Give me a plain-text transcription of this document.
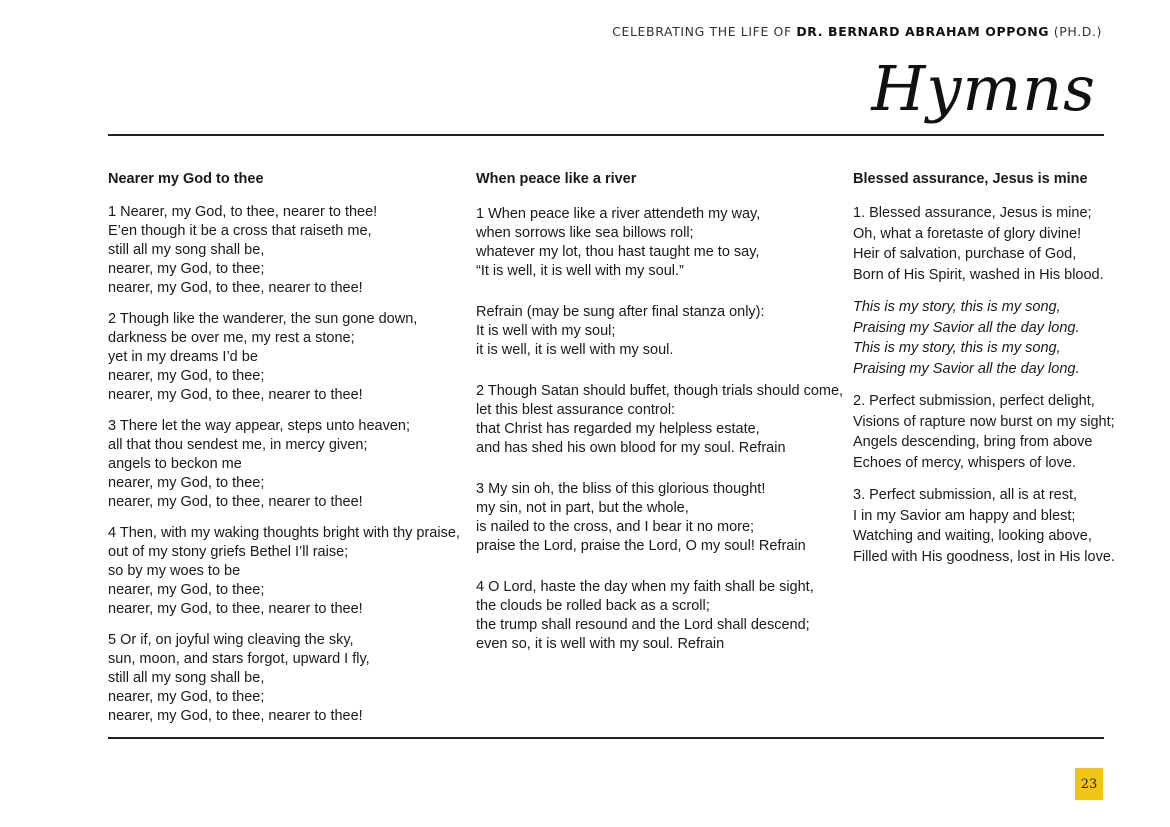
CELEBRATING THE LIFE OF DR. BERNARD ABRAHAM OPPONG (PH.D.)
Hymns
Nearer my God to thee
1 Nearer, my God, to thee, nearer to thee!
E’en though it be a cross that raiseth me,
still all my song shall be,
nearer, my God, to thee;
nearer, my God, to thee, nearer to thee!
2 Though like the wanderer, the sun gone down,
darkness be over me, my rest a stone;
yet in my dreams I’d be
nearer, my God, to thee;
nearer, my God, to thee, nearer to thee!
3 There let the way appear, steps unto heaven;
all that thou sendest me, in mercy given;
angels to beckon me
nearer, my God, to thee;
nearer, my God, to thee, nearer to thee!
4 Then, with my waking thoughts bright with thy praise,
out of my stony griefs Bethel I’ll raise;
so by my woes to be
nearer, my God, to thee;
nearer, my God, to thee, nearer to thee!
5 Or if, on joyful wing cleaving the sky,
sun, moon, and stars forgot, upward I fly,
still all my song shall be,
nearer, my God, to thee;
nearer, my God, to thee, nearer to thee!
When peace like a river
1 When peace like a river attendeth my way,
when sorrows like sea billows roll;
whatever my lot, thou hast taught me to say,
“It is well, it is well with my soul.”
Refrain (may be sung after final stanza only):
It is well with my soul;
it is well, it is well with my soul.
2 Though Satan should buffet, though trials should come,
let this blest assurance control:
that Christ has regarded my helpless estate,
and has shed his own blood for my soul. Refrain
3 My sin oh, the bliss of this glorious thought!
my sin, not in part, but the whole,
is nailed to the cross, and I bear it no more;
praise the Lord, praise the Lord, O my soul! Refrain
4 O Lord, haste the day when my faith shall be sight,
the clouds be rolled back as a scroll;
the trump shall resound and the Lord shall descend;
even so, it is well with my soul. Refrain
Blessed assurance, Jesus is mine
1. Blessed assurance, Jesus is mine;
Oh, what a foretaste of glory divine!
Heir of salvation, purchase of God,
Born of His Spirit, washed in His blood.
This is my story, this is my song,
Praising my Savior all the day long.
This is my story, this is my song,
Praising my Savior all the day long.
2. Perfect submission, perfect delight,
Visions of rapture now burst on my sight;
Angels descending, bring from above
Echoes of mercy, whispers of love.
3. Perfect submission, all is at rest,
I in my Savior am happy and blest;
Watching and waiting, looking above,
Filled with His goodness, lost in His love.
23
